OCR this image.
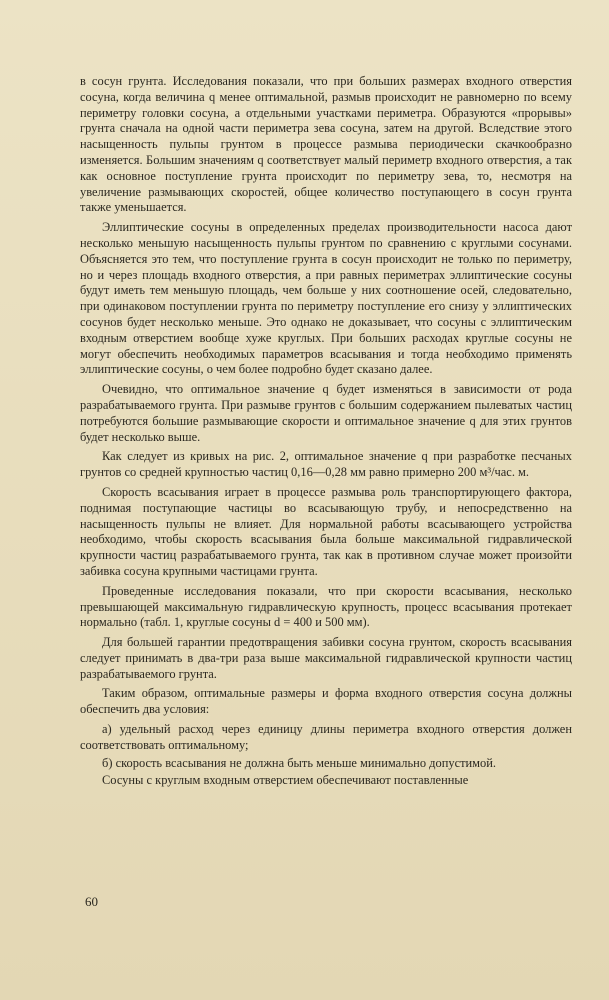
в сосун грунта. Исследования показали, что при больших размерах входного отверстия сосуна, когда величина q менее оптимальной, размыв происходит не равномерно по всему периметру головки сосуна, а отдельными участками периметра. Образуются «прорывы» грунта сначала на одной части периметра зева сосуна, затем на другой. Вследствие этого насыщенность пульпы грунтом в процессе размыва периодически скачкообразно изменяется. Большим значениям q соответствует малый периметр входного отверстия, а так как основное поступление грунта происходит по периметру зева, то, несмотря на увеличение размывающих скоростей, общее количество поступающего в сосун грунта также уменьшается.

Эллиптические сосуны в определенных пределах производительности насоса дают несколько меньшую насыщенность пульпы грунтом по сравнению с круглыми сосунами. Объясняется это тем, что поступление грунта в сосун происходит не только по периметру, но и через площадь входного отверстия, а при равных периметрах эллиптические сосуны будут иметь тем меньшую площадь, чем больше у них соотношение осей, следовательно, при одинаковом поступлении грунта по периметру поступление его снизу у эллиптических сосунов будет несколько меньше. Это однако не доказывает, что сосуны с эллиптическим входным отверстием вообще хуже круглых. При больших расходах круглые сосуны не могут обеспечить необходимых параметров всасывания и тогда необходимо применять эллиптические сосуны, о чем более подробно будет сказано далее.

Очевидно, что оптимальное значение q будет изменяться в зависимости от рода разрабатываемого грунта. При размыве грунтов с большим содержанием пылеватых частиц потребуются большие размывающие скорости и оптимальное значение q для этих грунтов будет несколько выше.

Как следует из кривых на рис. 2, оптимальное значение q при разработке песчаных грунтов со средней крупностью частиц 0,16—0,28 мм равно примерно 200 м³/час. м.

Скорость всасывания играет в процессе размыва роль транспортирующего фактора, поднимая поступающие частицы во всасывающую трубу, и непосредственно на насыщенность пульпы не влияет. Для нормальной работы всасывающего устройства необходимо, чтобы скорость всасывания была больше максимальной гидравлической крупности частиц разрабатываемого грунта, так как в противном случае может произойти забивка сосуна крупными частицами грунта.

Проведенные исследования показали, что при скорости всасывания, несколько превышающей максимальную гидравлическую крупность, процесс всасывания протекает нормально (табл. 1, круглые сосуны d = 400 и 500 мм).

Для большей гарантии предотвращения забивки сосуна грунтом, скорость всасывания следует принимать в два-три раза выше максимальной гидравлической крупности частиц разрабатываемого грунта.

Таким образом, оптимальные размеры и форма входного отверстия сосуна должны обеспечить два условия:

а) удельный расход через единицу длины периметра входного отверстия должен соответствовать оптимальному;

б) скорость всасывания не должна быть меньше минимально допустимой.

Сосуны с круглым входным отверстием обеспечивают поставленные

60
